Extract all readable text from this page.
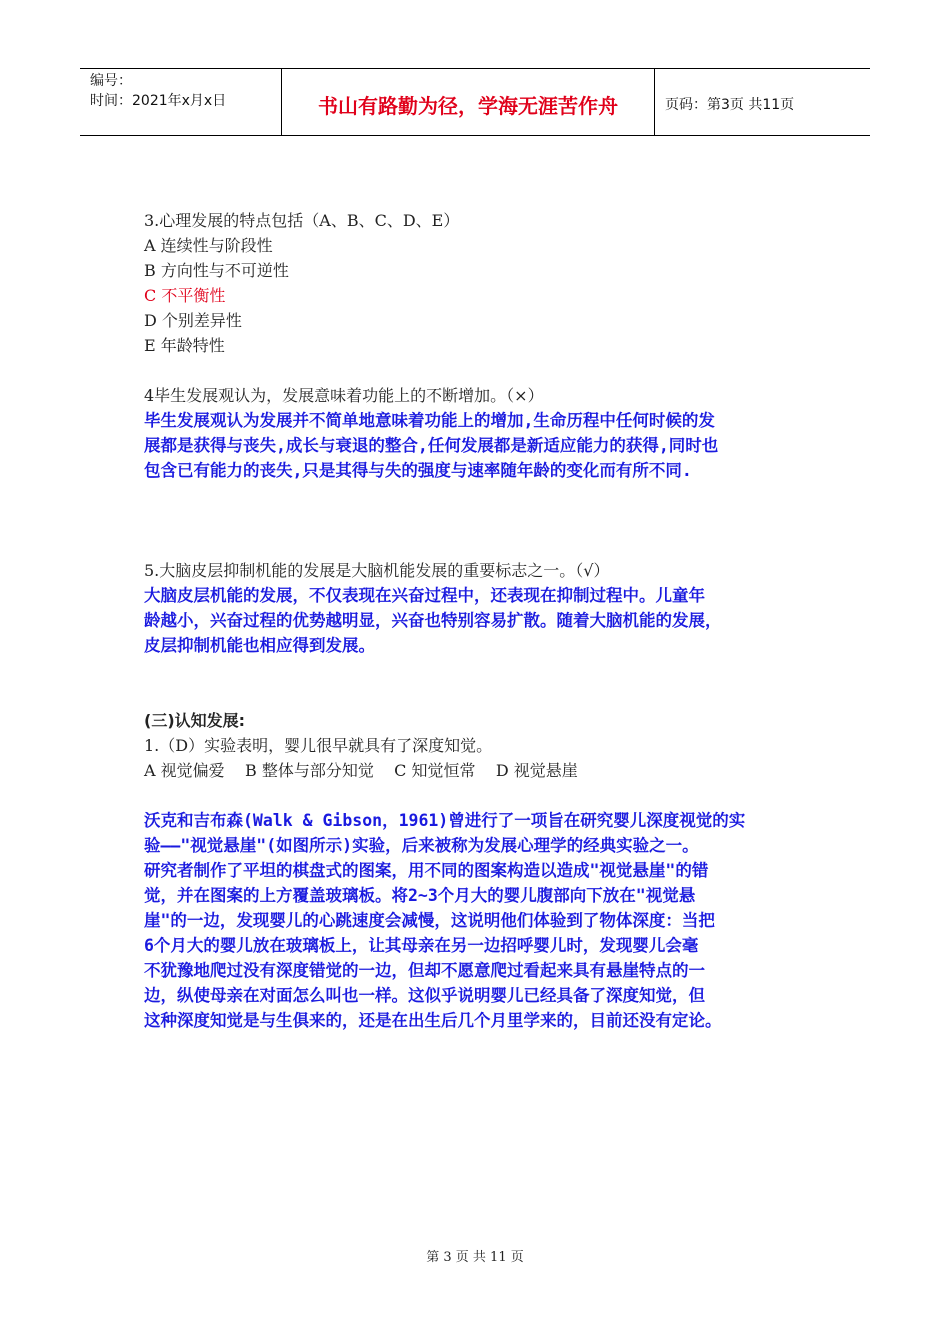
编号：
时间：2021年x月x日	书山有路勤为径，学海无涯苦作舟	页码：第3页 共11页
3.心理发展的特点包括（A、B、C、D、E）
A 连续性与阶段性
B 方向性与不可逆性
C 不平衡性
D 个别差异性
E 年龄特性
4毕生发展观认为，发展意味着功能上的不断增加。（×）
毕生发展观认为发展并不简单地意味着功能上的增加,生命历程中任何时候的发
展都是获得与丧失,成长与衰退的整合,任何发展都是新适应能力的获得,同时也
包含已有能力的丧失,只是其得与失的强度与速率随年龄的变化而有所不同.
5.大脑皮层抑制机能的发展是大脑机能发展的重要标志之一。（√）
大脑皮层机能的发展，不仅表现在兴奋过程中，还表现在抑制过程中。儿童年
龄越小，兴奋过程的优势越明显，兴奋也特别容易扩散。随着大脑机能的发展，
皮层抑制机能也相应得到发展。
(三)认知发展:
1.（D）实验表明，婴儿很早就具有了深度知觉。
A 视觉偏爱    B 整体与部分知觉    C 知觉恒常    D 视觉悬崖
沃克和吉布森(Walk & Gibson，1961)曾进行了一项旨在研究婴儿深度视觉的实
验——"视觉悬崖"(如图所示)实验，后来被称为发展心理学的经典实验之一。
研究者制作了平坦的棋盘式的图案，用不同的图案构造以造成"视觉悬崖"的错
觉，并在图案的上方覆盖玻璃板。将2~3个月大的婴儿腹部向下放在"视觉悬
崖"的一边，发现婴儿的心跳速度会减慢，这说明他们体验到了物体深度：当把
6个月大的婴儿放在玻璃板上，让其母亲在另一边招呼婴儿时，发现婴儿会毫
不犹豫地爬过没有深度错觉的一边，但却不愿意爬过看起来具有悬崖特点的一
边，纵使母亲在对面怎么叫也一样。这似乎说明婴儿已经具备了深度知觉，但
这种深度知觉是与生俱来的，还是在出生后几个月里学来的，目前还没有定论。
第 3 页 共 11 页
